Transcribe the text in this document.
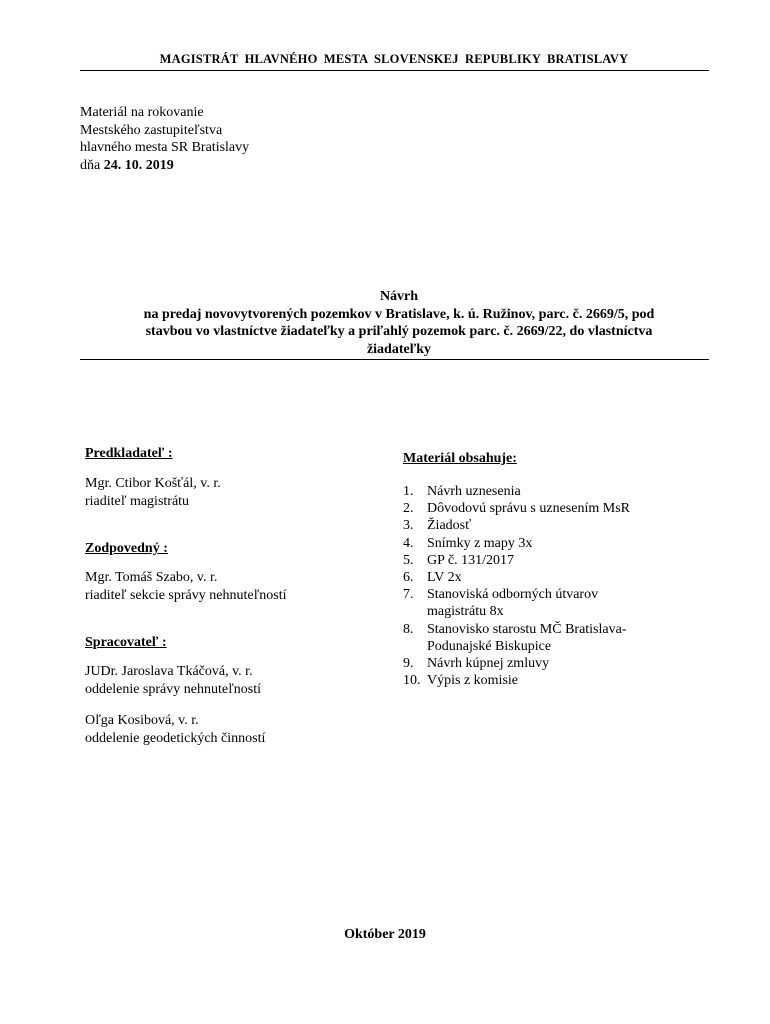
MAGISTRÁT HLAVNÉHO MESTA SLOVENSKEJ REPUBLIKY BRATISLAVY
Materiál na rokovanie
Mestského zastupiteľstva
hlavného mesta SR Bratislavy
dňa 24. 10. 2019
Návrh
na predaj novovytvorených pozemkov v Bratislave, k. ú. Ružinov, parc. č. 2669/5, pod
stavbou vo vlastníctve žiadateľky a priľahlý pozemok parc. č. 2669/22, do vlastníctva
žiadateľky
Predkladateľ :
Mgr. Ctibor Košťál, v. r.
riaditeľ magistrátu
Zodpovedný :
Mgr. Tomáš Szabo, v. r.
riaditeľ sekcie správy nehnuteľností
Spracovateľ :
JUDr. Jaroslava Tkáčová, v. r.
oddelenie správy nehnuteľností
Oľga Kosibová, v. r.
oddelenie geodetických činností
Materiál obsahuje:
1. Návrh uznesenia
2. Dôvodovú správu s uznesením MsR
3. Žiadosť
4. Snímky z mapy 3x
5. GP č. 131/2017
6. LV 2x
7. Stanoviská odborných útvarov
magistrátu 8x
8. Stanovisko starostu MČ Bratislava-
Podunajské Biskupice
9. Návrh kúpnej zmluvy
10. Výpis z komisie
Október 2019
